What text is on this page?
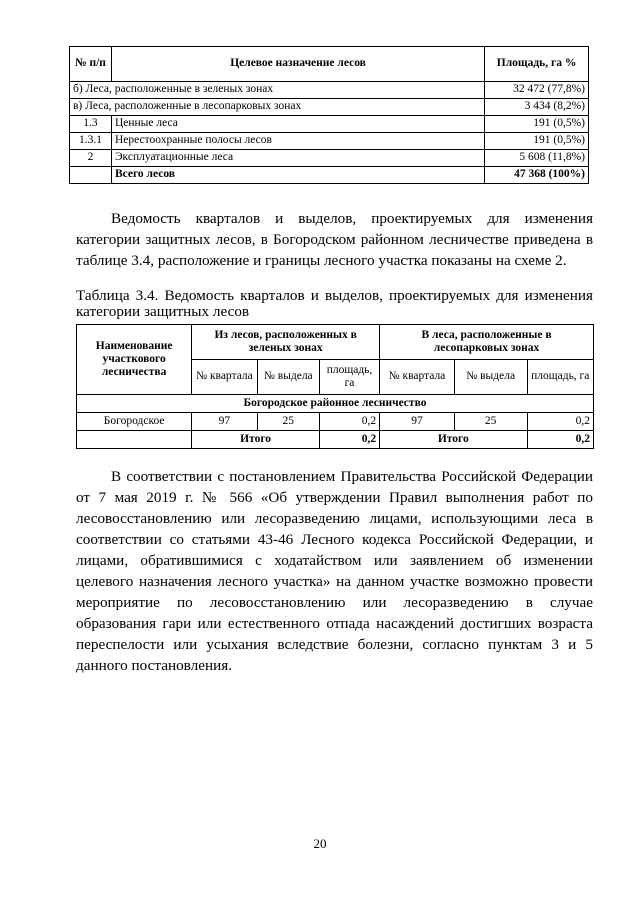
№ п/п	Целевое назначение лесов	Площадь, га %
б) Леса, расположенные в зеленых зонах		32 472 (77,8%)
в) Леса, расположенные в лесопарковых зонах		3 434 (8,2%)
1.3	Ценные леса	191 (0,5%)
1.3.1	Нерестоохранные полосы лесов	191 (0,5%)
2	Эксплуатационные леса	5 608 (11,8%)
	Всего лесов	47 368 (100%)

Ведомость кварталов и выделов, проектируемых для изменения категории защитных лесов, в Богородском районном лесничестве приведена в таблице 3.4, расположение и границы лесного участка показаны на схеме 2.

Таблица 3.4. Ведомость кварталов и выделов, проектируемых для изменения категории защитных лесов

Наименование участкового лесничества	Из лесов, расположенных в зеленых зонах			В леса, расположенные в лесопарковых зонах		
	№ квартала	№ выдела	площадь, га	№ квартала	№ выдела	площадь, га
Богородское районное лесничество						
Богородское	97	25	0,2	97	25	0,2
	Итого		0,2	Итого		0,2

В соответствии с постановлением Правительства Российской Федерации от 7 мая 2019 г. № 566 «Об утверждении Правил выполнения работ по лесовосстановлению или лесоразведению лицами, использующими леса в соответствии со статьями 43-46 Лесного кодекса Российской Федерации, и лицами, обратившимися с ходатайством или заявлением об изменении целевого назначения лесного участка» на данном участке возможно провести мероприятие по лесовосстановлению или лесоразведению в случае образования гари или естественного отпада насаждений достигших возраста переспелости или усыхания вследствие болезни, согласно пунктам 3 и 5 данного постановления.

20
